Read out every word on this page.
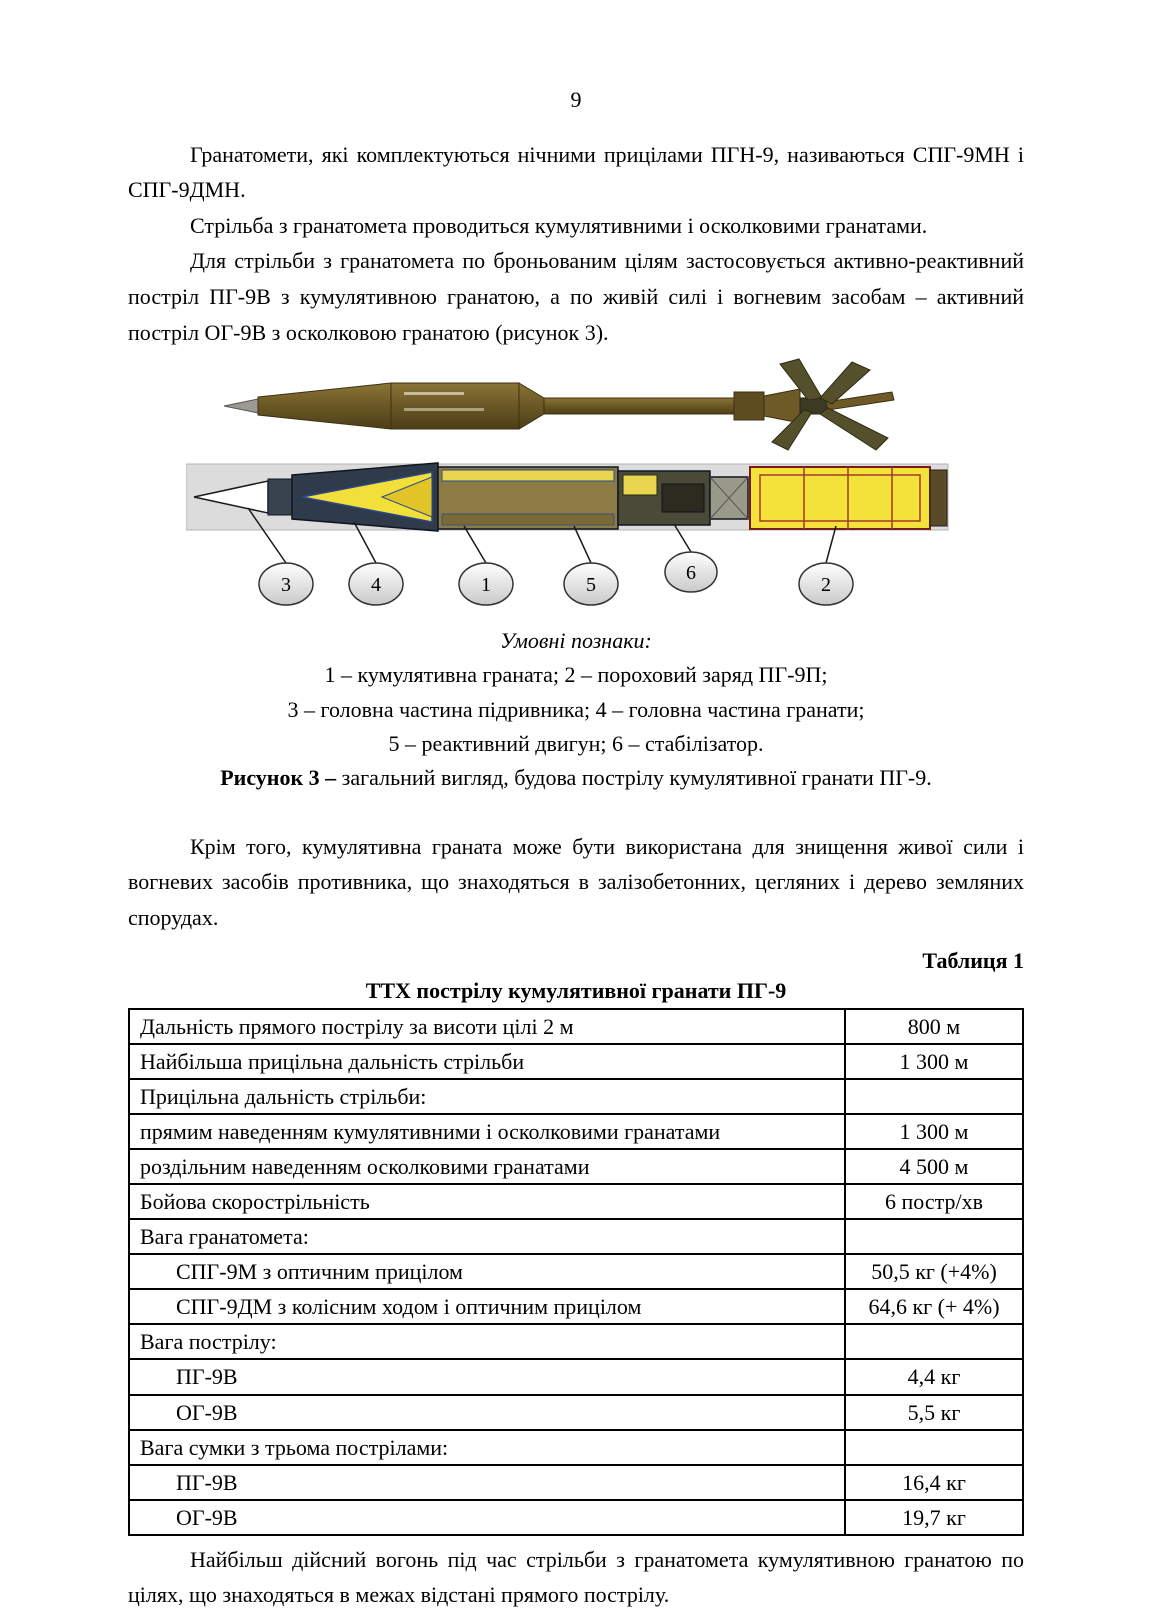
9

Гранатомети, які комплектуються нічними прицілами ПГН-9, називаються СПГ-9МН і СПГ-9ДМН.

Стрільба з гранатомета проводиться кумулятивними і осколковими гранатами.

Для стрільби з гранатомета по броньованим цілям застосовується активно-реактивний постріл ПГ-9В з кумулятивною гранатою, а по живій силі і вогневим засобам – активний постріл ОГ-9В з осколковою гранатою (рисунок 3).

3	4	1	5
6
2
Умовні познаки:
1 – кумулятивна граната; 2 – пороховий заряд ПГ-9П;
3 – головна частина підривника; 4 – головна частина гранати;
5 – реактивний двигун; 6 – стабілізатор.
Рисунок 3 – загальний вигляд, будова пострілу кумулятивної гранати ПГ-9.

Крім того, кумулятивна граната може бути використана для знищення живої сили і вогневих засобів противника, що знаходяться в залізобетонних, цегляних і дерево земляних спорудах.

Таблиця 1
ТТХ пострілу кумулятивної гранати ПГ-9
Дальність прямого пострілу за висоти цілі 2 м	800 м
Найбільша прицільна дальність стрільби	1 300 м
Прицільна дальність стрільби:	
прямим наведенням кумулятивними і осколковими гранатами	1 300 м
роздільним наведенням осколковими гранатами	4 500 м
Бойова скорострільність	6 постр/хв
Вага гранатомета:	
СПГ-9М з оптичним прицілом	50,5 кг (+4%)
СПГ-9ДМ з колісним ходом і оптичним прицілом	64,6 кг (+ 4%)
Вага пострілу:	
ПГ-9В	4,4 кг
ОГ-9В	5,5 кг
Вага сумки з трьома пострілами:	
ПГ-9В	16,4 кг
ОГ-9В	19,7 кг

Найбільш дійсний вогонь під час стрільби з гранатомета кумулятивною гранатою по цілях, що знаходяться в межах відстані прямого пострілу.
